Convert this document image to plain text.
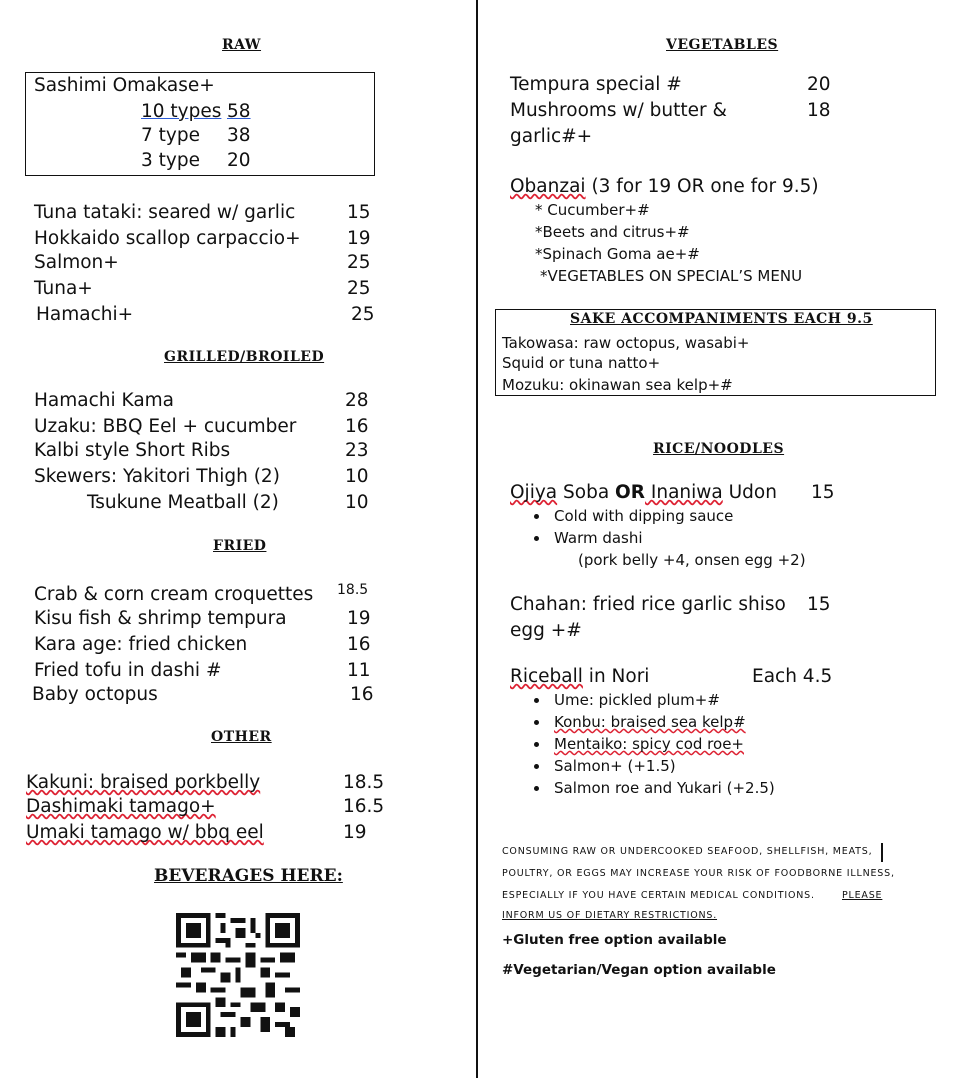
RAW
Sashimi Omakase+
10 types 58
7 type 38
3 type 20
Tuna tataki: seared w/ garlic	15
Hokkaido scallop carpaccio+	19
Salmon+	25
Tuna+	25
Hamachi+	25
GRILLED/BROILED
Hamachi Kama	28
Uzaku: BBQ Eel + cucumber	16
Kalbi style Short Ribs	23
Skewers: Yakitori Thigh (2)	10
Tsukune Meatball (2)	10
FRIED
Crab & corn cream croquettes 18.5
Kisu fish & shrimp tempura	19
Kara age: fried chicken	16
Fried tofu in dashi #	11
Baby octopus	16
OTHER
Kakuni: braised porkbelly	18.5
Dashimaki tamago+	16.5
Umaki tamago w/ bbq eel	19
BEVERAGES HERE:
VEGETABLES
Tempura special #	20
Mushrooms w/ butter &	18
garlic#+
Obanzai (3 for 19 OR one for 9.5)
* Cucumber+#
*Beets and citrus+#
*Spinach Goma ae+#
*VEGETABLES ON SPECIAL’S MENU
SAKE ACCOMPANIMENTS EACH 9.5
Takowasa: raw octopus, wasabi+
Squid or tuna natto+
Mozuku: okinawan sea kelp+#
RICE/NOODLES
Ojiya Soba OR Inaniwa Udon 15
• Cold with dipping sauce
• Warm dashi
(pork belly +4, onsen egg +2)
Chahan: fried rice garlic shiso 15
egg +#
Riceball in Nori	Each 4.5
• Ume: pickled plum+#
• Konbu: braised sea kelp#
• Mentaiko: spicy cod roe+
• Salmon+ (+1.5)
• Salmon roe and Yukari (+2.5)
CONSUMING RAW OR UNDERCOOKED SEAFOOD, SHELLFISH, MEATS,
POULTRY, OR EGGS MAY INCREASE YOUR RISK OF FOODBORNE ILLNESS,
ESPECIALLY IF YOU HAVE CERTAIN MEDICAL CONDITIONS.	PLEASE
INFORM US OF DIETARY RESTRICTIONS.
+Gluten free option available
#Vegetarian/Vegan option available
